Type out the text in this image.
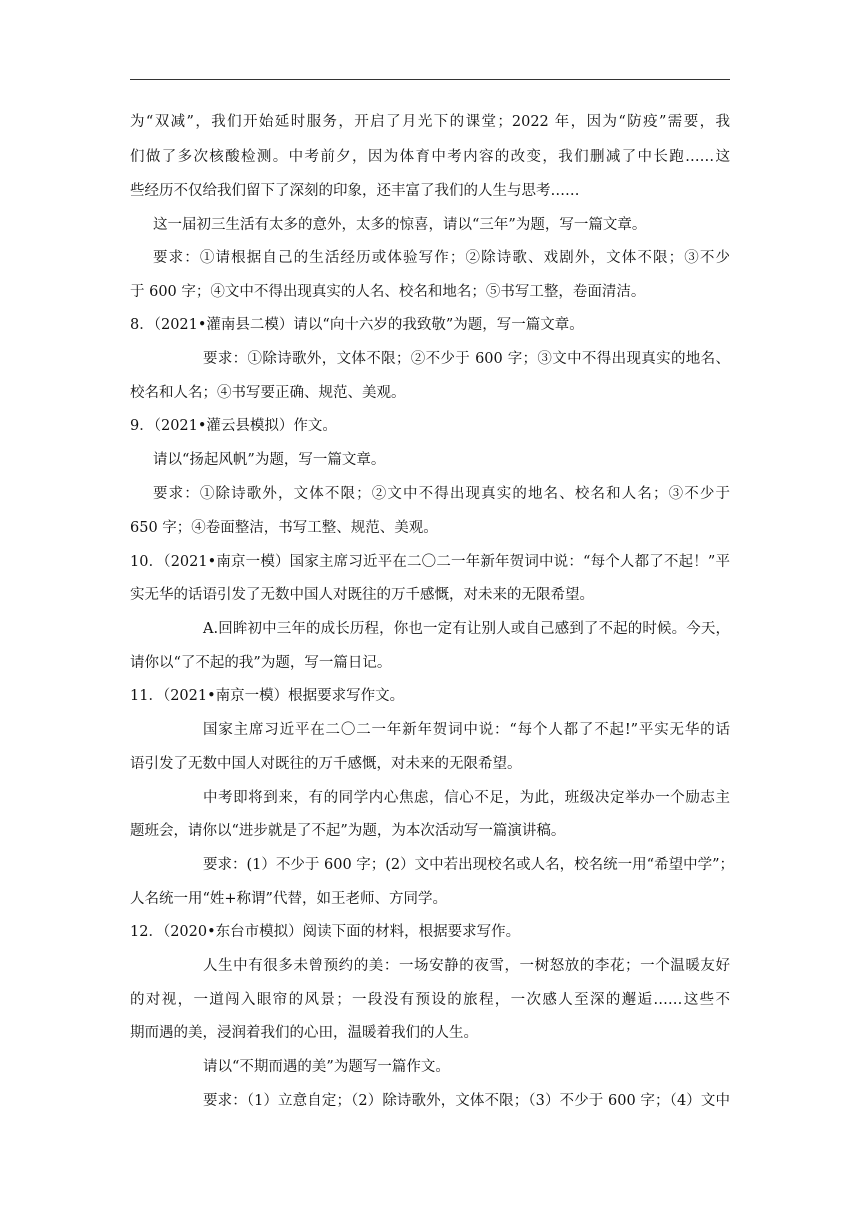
为“双减”，我们开始延时服务，开启了月光下的课堂；2022 年，因为“防疫”需要，我
们做了多次核酸检测。中考前夕，因为体育中考内容的改变，我们删减了中长跑……这
些经历不仅给我们留下了深刻的印象，还丰富了我们的人生与思考……
这一届初三生活有太多的意外，太多的惊喜，请以“三年”为题，写一篇文章。
要求：①请根据自己的生活经历或体验写作；②除诗歌、戏剧外，文体不限；③不少
于 600 字；④文中不得出现真实的人名、校名和地名；⑤书写工整，卷面清洁。
8．（2021•灌南县二模）请以“向十六岁的我致敬”为题，写一篇文章。
要求：①除诗歌外，文体不限；②不少于 600 字；③文中不得出现真实的地名、
校名和人名；④书写要正确、规范、美观。
9．（2021•灌云县模拟）作文。
请以“扬起风帆”为题，写一篇文章。
要求：①除诗歌外，文体不限；②文中不得出现真实的地名、校名和人名；③不少于
650 字；④卷面整洁，书写工整、规范、美观。
10．（2021•南京一模）国家主席习近平在二〇二一年新年贺词中说：“每个人都了不起！”平
实无华的话语引发了无数中国人对既往的万千感慨，对未来的无限希望。
A.回眸初中三年的成长历程，你也一定有让别人或自己感到了不起的时候。今天，
请你以“了不起的我”为题，写一篇日记。
11．（2021•南京一模）根据要求写作文。
国家主席习近平在二〇二一年新年贺词中说：“每个人都了不起!”平实无华的话
语引发了无数中国人对既往的万千感慨，对未来的无限希望。
中考即将到来，有的同学内心焦虑，信心不足，为此，班级决定举办一个励志主
题班会，请你以“进步就是了不起”为题，为本次活动写一篇演讲稿。
要求：(1）不少于 600 字；(2）文中若出现校名或人名，校名统一用“希望中学”；
人名统一用“姓+称谓”代替，如王老师、方同学。
12．（2020•东台市模拟）阅读下面的材料，根据要求写作。
人生中有很多未曾预约的美：一场安静的夜雪，一树怒放的李花；一个温暖友好
的对视，一道闯入眼帘的风景；一段没有预设的旅程，一次感人至深的邂逅……这些不
期而遇的美，浸润着我们的心田，温暖着我们的人生。
请以“不期而遇的美”为题写一篇作文。
要求：（1）立意自定；（2）除诗歌外，文体不限；（3）不少于 600 字；（4）文中
